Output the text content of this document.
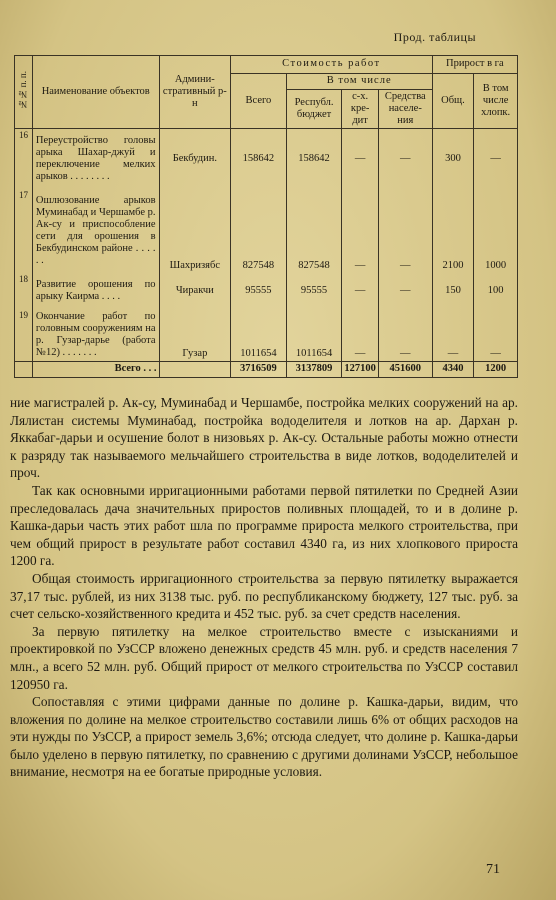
Прод. таблицы
№№ п. п.	Наименование объектов	Админи-стративный р-н	Стоимость работ				Прирост в га	
			Всего	В том числе			Общ.	В том числе хлопк.
				Республ. бюджет	с-х. кре-дит	Средства населе-ния		
16	Переустройство головы арыка Шахар-джуй и переключение мелких арыков . . . . . . . .	Бекбудин.	158642	158642	—	—	300	—
17	Ошлюзование арыков Муминабад и Чершамбе р. Ак-су и приспособление сети для орошения в Бекбудинском районе . . . . . .	Шахризябс	827548	827548	—	—	2100	1000
18	Развитие орошения по арыку Каирма . . . .	Чиракчи	95555	95555	—	—	150	100
19	Окончание работ по головным сооружениям на р. Гузар-дарье (работа №12) . . . . . . .	Гузар	1011654	1011654	—	—	—	—
	Всего . . .		3716509	3137809	127100	451600	4340	1200

ние магистралей р. Ак-су, Муминабад и Чершамбе, постройка мелких сооружений на ар. Лялистан системы Муминабад, постройка вододелителя и лотков на ар. Дархан р. Яккабаг-дарьи и осушение болот в низовьях р. Ак-су. Остальные работы можно отнести к разряду так называемого мельчайшего строительства в виде лотков, вододелителей и проч.

Так как основными ирригационными работами первой пятилетки по Средней Азии преследовалась дача значительных приростов поливных площадей, то и в долине р. Кашка-дарьи часть этих работ шла по программе прироста мелкого строительства, при чем общий прирост в результате работ составил 4340 га, из них хлопкового прироста 1200 га.

Общая стоимость ирригационного строительства за первую пятилетку выражается 37,17 тыс. рублей, из них 3138 тыс. руб. по республиканскому бюджету, 127 тыс. руб. за счет сельско-хозяйственного кредита и 452 тыс. руб. за счет средств населения.

За первую пятилетку на мелкое строительство вместе с изысканиями и проектировкой по УзССР вложено денежных средств 45 млн. руб. и средств населения 7 млн., а всего 52 млн. руб. Общий прирост от мелкого строительства по УзССР составил 120950 га.

Сопоставляя с этими цифрами данные по долине р. Кашка-дарьи, видим, что вложения по долине на мелкое строительство составили лишь 6% от общих расходов на эти нужды по УзССР, а прирост земель 3,6%; отсюда следует, что долине р. Кашка-дарьи было уделено в первую пятилетку, по сравнению с другими долинами УзССР, небольшое внимание, несмотря на ее богатые природные условия.

71
